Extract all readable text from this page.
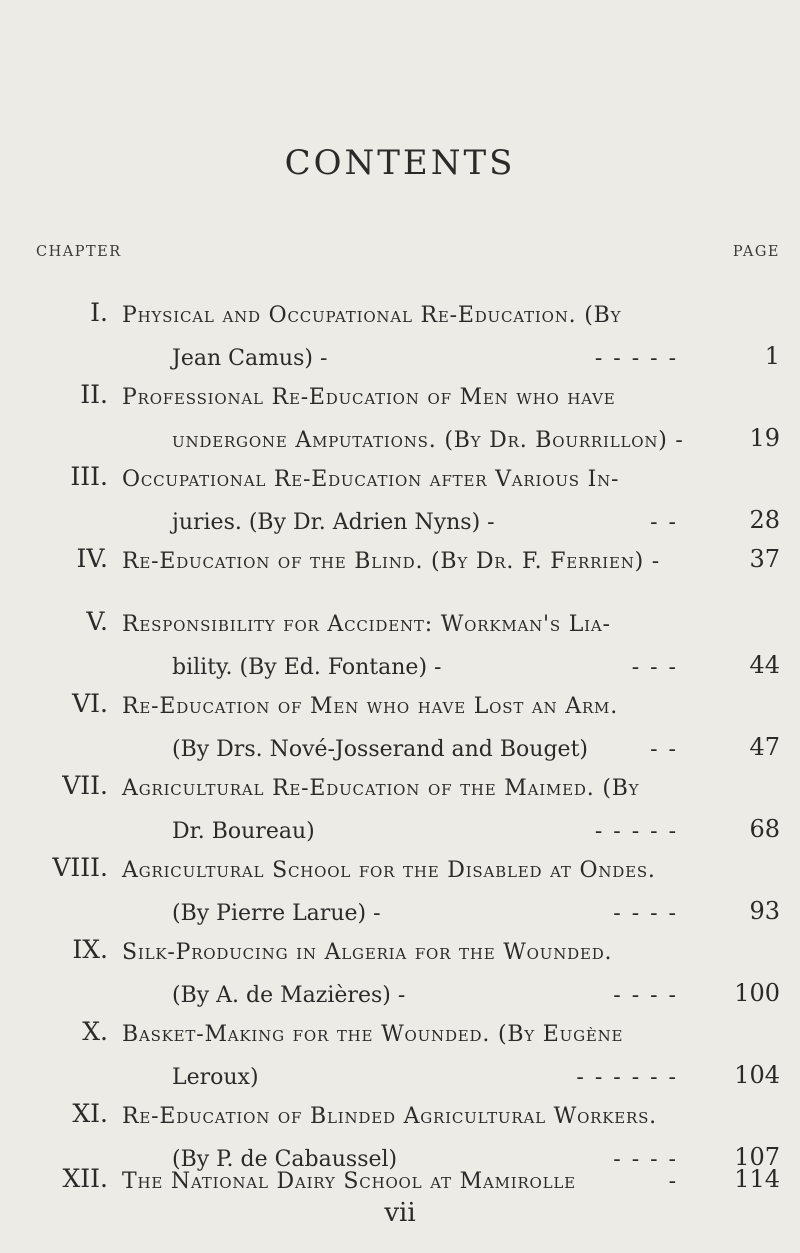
CONTENTS
CHAPTER	PAGE
I. Physical and Occupational Re-Education. (By
Jean Camus) -	- - - - -	1
II. Professional Re-Education of Men who have
undergone Amputations. (By Dr. Bourrillon) -	19
III. Occupational Re-Education after Various In-
juries. (By Dr. Adrien Nyns) -	- -	28
IV. Re-Education of the Blind. (By Dr. F. Ferrien) -	37
V. Responsibility for Accident: Workman's Lia-
bility. (By Ed. Fontane) -	- - -	44
VI. Re-Education of Men who have Lost an Arm.
(By Drs. Nové-Josserand and Bouget)	- -	47
VII. Agricultural Re-Education of the Maimed. (By
Dr. Boureau)	- - - - -	68
VIII. Agricultural School for the Disabled at Ondes.
(By Pierre Larue) -	- - - -	93
IX. Silk-Producing in Algeria for the Wounded.
(By A. de Mazières) -	- - - -	100
X. Basket-Making for the Wounded. (By Eugène
Leroux)	- - - - - -	104
XI. Re-Education of Blinded Agricultural Workers.
(By P. de Cabaussel)	- - - -	107
XII. The National Dairy School at Mamirolle	-	114
vii
